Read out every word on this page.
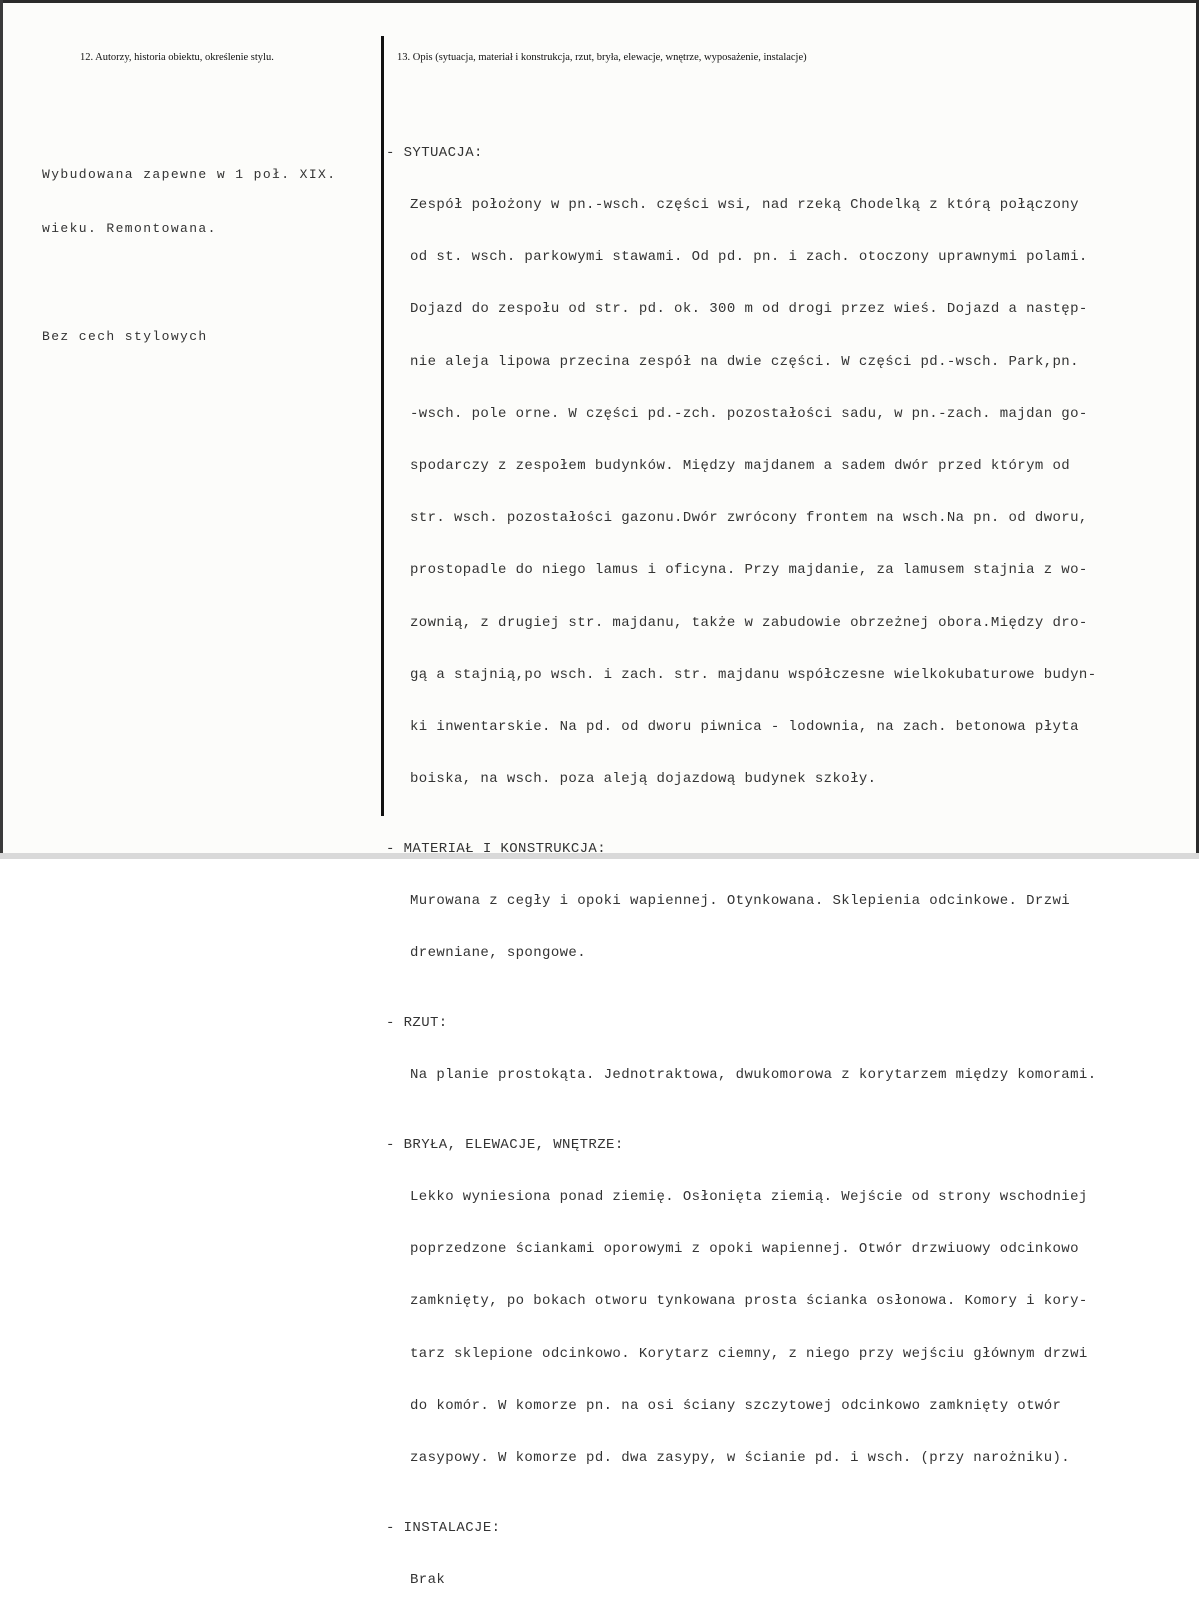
12. Autorzy, historia obiektu, określenie stylu.	13. Opis (sytuacja, materiał i konstrukcja, rzut, bryła, elewacje, wnętrze, wyposażenie, instalacje)

Wybudowana zapewne w 1 poł. XIX.

wieku. Remontowana.

Bez cech stylowych

- SYTUACJA:

Zespół położony w pn.-wsch. części wsi, nad rzeką Chodelką z którą połączony

od st. wsch. parkowymi stawami. Od pd. pn. i zach. otoczony uprawnymi polami.

Dojazd do zespołu od str. pd. ok. 300 m od drogi przez wieś. Dojazd a następ-

nie aleja lipowa przecina zespół na dwie części. W części pd.-wsch. Park,pn.

-wsch. pole orne. W części pd.-zch. pozostałości sadu, w pn.-zach. majdan go-

spodarczy z zespołem budynków. Między majdanem a sadem dwór przed którym od

str. wsch. pozostałości gazonu.Dwór zwrócony frontem na wsch.Na pn. od dworu,

prostopadle do niego lamus i oficyna. Przy majdanie, za lamusem stajnia z wo-

zownią, z drugiej str. majdanu, także w zabudowie obrzeżnej obora.Między dro-

gą a stajnią,po wsch. i zach. str. majdanu współczesne wielkokubaturowe budyn-

ki inwentarskie. Na pd. od dworu piwnica - lodownia, na zach. betonowa płyta

boiska, na wsch. poza aleją dojazdową budynek szkoły.

- MATERIAŁ I KONSTRUKCJA:

Murowana z cegły i opoki wapiennej. Otynkowana. Sklepienia odcinkowe. Drzwi

drewniane, spongowe.

- RZUT:

Na planie prostokąta. Jednotraktowa, dwukomorowa z korytarzem między komorami.

- BRYŁA, ELEWACJE, WNĘTRZE:

Lekko wyniesiona ponad ziemię. Osłonięta ziemią. Wejście od strony wschodniej

poprzedzone ściankami oporowymi z opoki wapiennej. Otwór drzwiuowy odcinkowo

zamknięty, po bokach otworu tynkowana prosta ścianka osłonowa. Komory i kory-

tarz sklepione odcinkowo. Korytarz ciemny, z niego przy wejściu głównym drzwi

do komór. W komorze pn. na osi ściany szczytowej odcinkowo zamknięty otwór

zasypowy. W komorze pd. dwa zasypy, w ścianie pd. i wsch. (przy narożniku).

- INSTALACJE:

Brak
